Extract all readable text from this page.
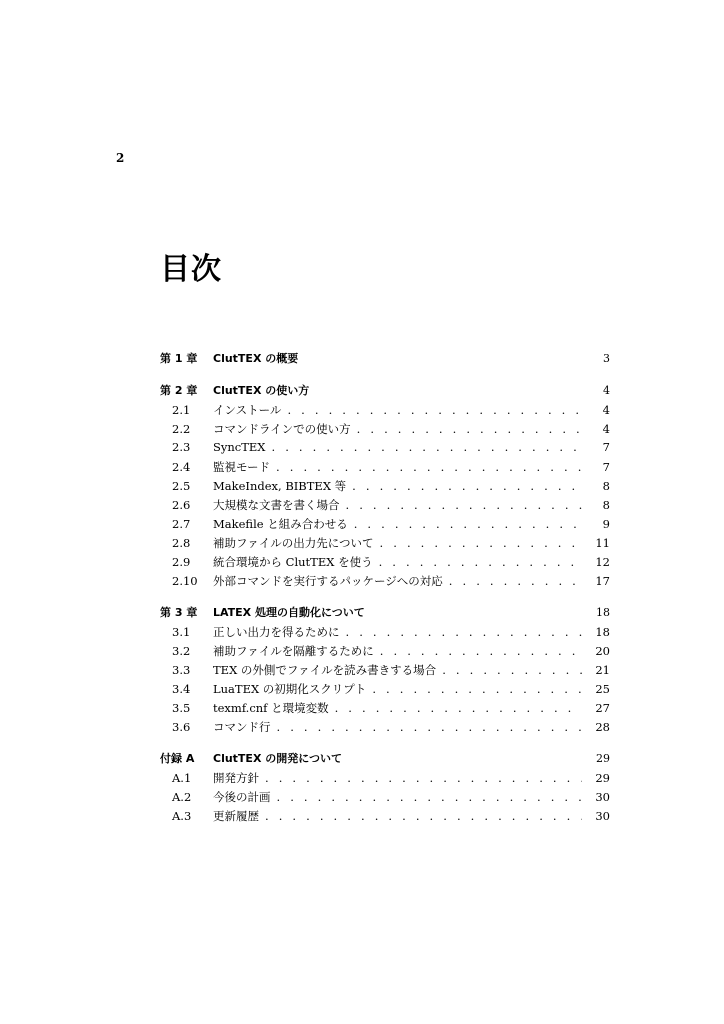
2
目次
第 1 章	ClutTEX の概要	3
第 2 章	ClutTEX の使い方	4
2.1	インストール . . .	4
2.2	コマンドラインでの使い方 . . .	4
2.3	SyncTEX . . .	7
2.4	監視モード . . .	7
2.5	MakeIndex, BIBTEX 等 . . .	8
2.6	大規模な文書を書く場合 . . .	8
2.7	Makefile と組み合わせる . . .	9
2.8	補助ファイルの出力先について . . .	11
2.9	統合環境から ClutTEX を使う . . .	12
2.10	外部コマンドを実行するパッケージへの対応 . . .	17
第 3 章	LATEX 処理の自動化について	18
3.1	正しい出力を得るために . . .	18
3.2	補助ファイルを隔離するために . . .	20
3.3	TEX の外側でファイルを読み書きする場合 . . .	21
3.4	LuaTEX の初期化スクリプト . . .	25
3.5	texmf.cnf と環境変数 . . .	27
3.6	コマンド行 . . .	28
付録 A	ClutTEX の開発について	29
A.1	開発方針 . . .	29
A.2	今後の計画 . . .	30
A.3	更新履歴 . . .	30
